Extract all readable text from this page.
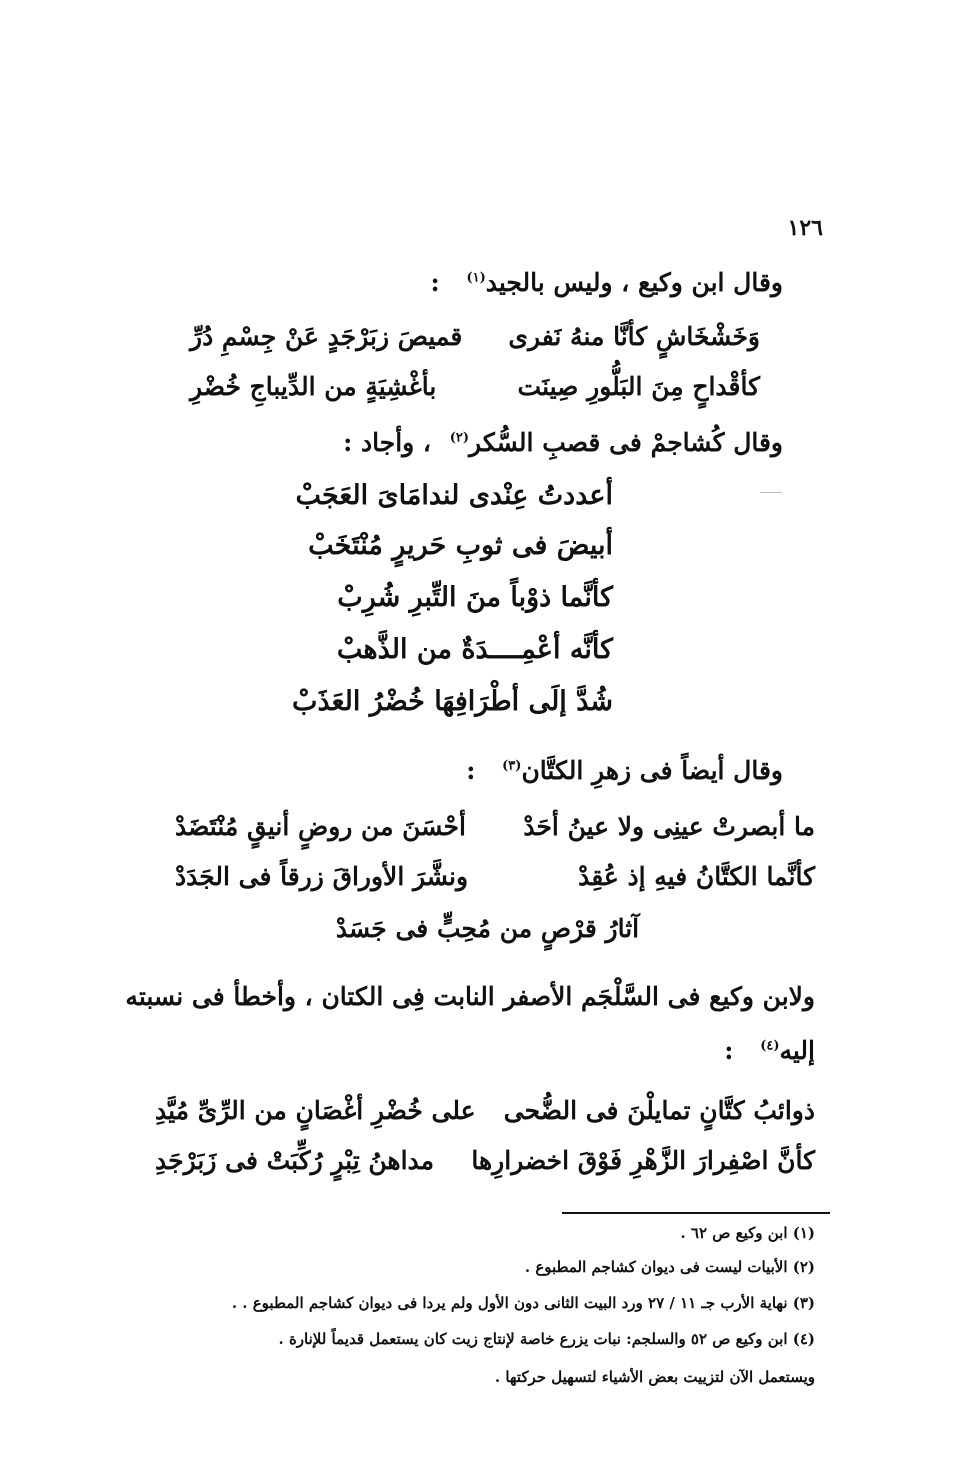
١٢٦
وقال ابن وكيع ، وليس بالجيد$^{(١)}$ :
وَخَشْخَاشٍ كأنَّا منهُ نَفرى
قميصَ زبَرْجَدٍ عَنْ جِسْمِ دُرِّ
كأقْداحٍ مِنَ البَلُّورِ صِينَت
بأغْشِيَةٍ من الدِّيباجِ خُضْرِ
وقال كُشاجمْ فى قصبِ السُّكر$^{(٢)}$ ، وأجاد :
أعددتُ عِنْدى لندامَاىَ العَجَبْ
أبيضَ فى ثوبِ حَريرٍ مُنْتَخَبْ
كأنَّما ذوْباً منَ التِّبرِ شُرِبْ
كأنَّه أعْمِــــدَةٌ من الذَّهبْ
شُدَّ إلَى أطْرَافِهَا خُضْرُ العَذَبْ
وقال أيضاً فى زهرِ الكتَّان$^{(٣)}$ :
ما أبصرتْ عينِى ولا عينُ أحَدْ
أحْسَنَ من روضٍ أنيقٍ مُنْتَضَدْ
كأنَّما الكتَّانُ فيهِ إذ عُقِدْ
ونشَّرَ الأوراقَ زرقاً فى الجَدَدْ
آثارُ قرْصٍ من مُحِبٍّ فى جَسَدْ
ولابن وكيع فى السَّلْجَم الأصفر النابت فِى الكتان ، وأخطأ فى نسبته
إليه$^{(٤)}$ :
ذوائبُ كتَّانٍ تمايلْنَ فى الضُّحى
على خُضْرِ أغْصَانٍ من الرِّىِّ مُيَّدِ
كأنَّ اصْفِرارَ الزَّهْرِ فَوْقَ اخضرارِها
مداهنُ تِبْرٍ رُكِّبَتْ فى زَبَرْجَدِ
(١) ابن وكيع ص ٦٢ .
(٢) الأبيات ليست فى ديوان كشاجم المطبوع .
(٣) نهاية الأرب جـ ١١ / ٢٧ ورد البيت الثانى دون الأول ولم يردا فى ديوان كشاجم المطبوع . .
(٤) ابن وكيع ص ٥٢ والسلجم: نبات يزرع خاصة لإنتاج زيت كان يستعمل قديماً للإنارة .
ويستعمل الآن لتزييت بعض الأشياء لتسهيل حركتها .
